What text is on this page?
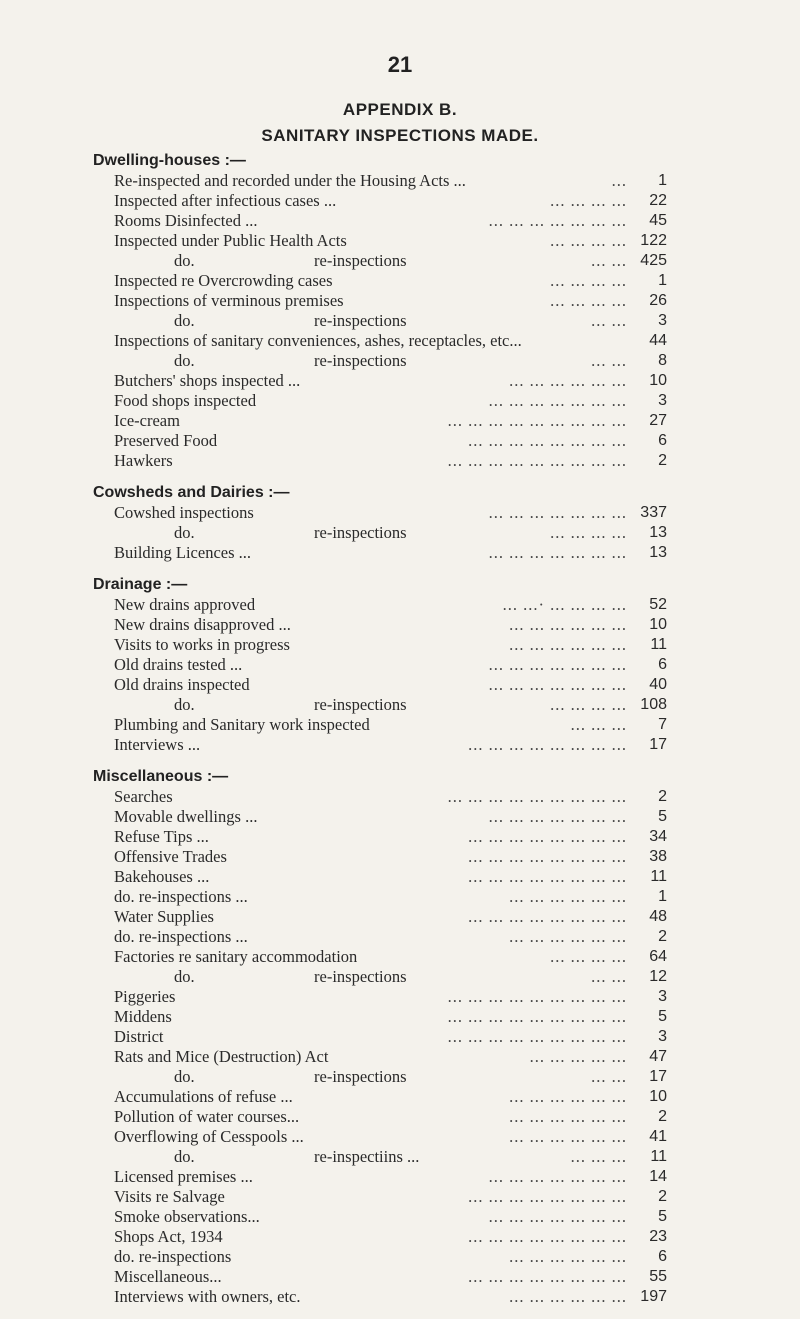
21
APPENDIX B.
SANITARY INSPECTIONS MADE.
Dwelling-houses :—
Re-inspected and recorded under the Housing Acts ...	...	1
Inspected after infectious cases ...	... ... ... ...	22
Rooms Disinfected ...	... ... ... ... ... ... ...	45
Inspected under Public Health Acts	... ... ... ... 122
do.	re-inspections	... ... 425
Inspected re Overcrowding cases	... ... ... ...	1
Inspections of verminous premises	... ... ... ...	26
do.	re-inspections	... ...	3
Inspections of sanitary conveniences, ashes, receptacles, etc...	44
do.	re-inspections	... ...	8
Butchers' shops inspected ...	... ... ... ... ... ...	10
Food shops inspected	... ... ... ... ... ... ...	3
Ice-cream	... ... ... ... ... ... ... ... ...	27
Preserved Food	... ... ... ... ... ... ... ...	6
Hawkers	... ... ... ... ... ... ... ... ...	2
Cowsheds and Dairies :—
Cowshed inspections	... ... ... ... ... ... ... 337
do.	re-inspections	... ... ... ...	13
Building Licences ...	... ... ... ... ... ... ...	13
Drainage :—
New drains approved	... ...· ... ... ... ...	52
New drains disapproved ...	... ... ... ... ... ...	10
Visits to works in progress	... ... ... ... ... ...	11
Old drains tested ...	... ... ... ... ... ... ...	6
Old drains inspected	... ... ... ... ... ... ...	40
do.	re-inspections	... ... ... ... 108
Plumbing and Sanitary work inspected	... ... ...	7
Interviews ...	... ... ... ... ... ... ... ...	17
Miscellaneous :—
Searches	... ... ... ... ... ... ... ... ...	2
Movable dwellings ...	... ... ... ... ... ... ...	5
Refuse Tips ...	... ... ... ... ... ... ... ...	34
Offensive Trades	... ... ... ... ... ... ... ...	38
Bakehouses ...	... ... ... ... ... ... ... ...	11
do. re-inspections ...	... ... ... ... ... ...	1
Water Supplies	... ... ... ... ... ... ... ...	48
do. re-inspections ...	... ... ... ... ... ...	2
Factories re sanitary accommodation	... ... ... ...	64
do.	re-inspections	... ...	12
Piggeries	... ... ... ... ... ... ... ... ...	3
Middens	... ... ... ... ... ... ... ... ...	5
District	... ... ... ... ... ... ... ... ...	3
Rats and Mice (Destruction) Act	... ... ... ... ...	47
do.	re-inspections	... ...	17
Accumulations of refuse ...	... ... ... ... ... ...	10
Pollution of water courses...	... ... ... ... ... ...	2
Overflowing of Cesspools ...	... ... ... ... ... ...	41
do.	re-inspectiins ...	... ... ...	11
Licensed premises ...	... ... ... ... ... ... ...	14
Visits re Salvage	... ... ... ... ... ... ... ...	2
Smoke observations...	... ... ... ... ... ... ...	5
Shops Act, 1934	... ... ... ... ... ... ... ...	23
do. re-inspections	... ... ... ... ... ...	6
Miscellaneous...	... ... ... ... ... ... ... ...	55
Interviews with owners, etc.	... ... ... ... ... ... 197
